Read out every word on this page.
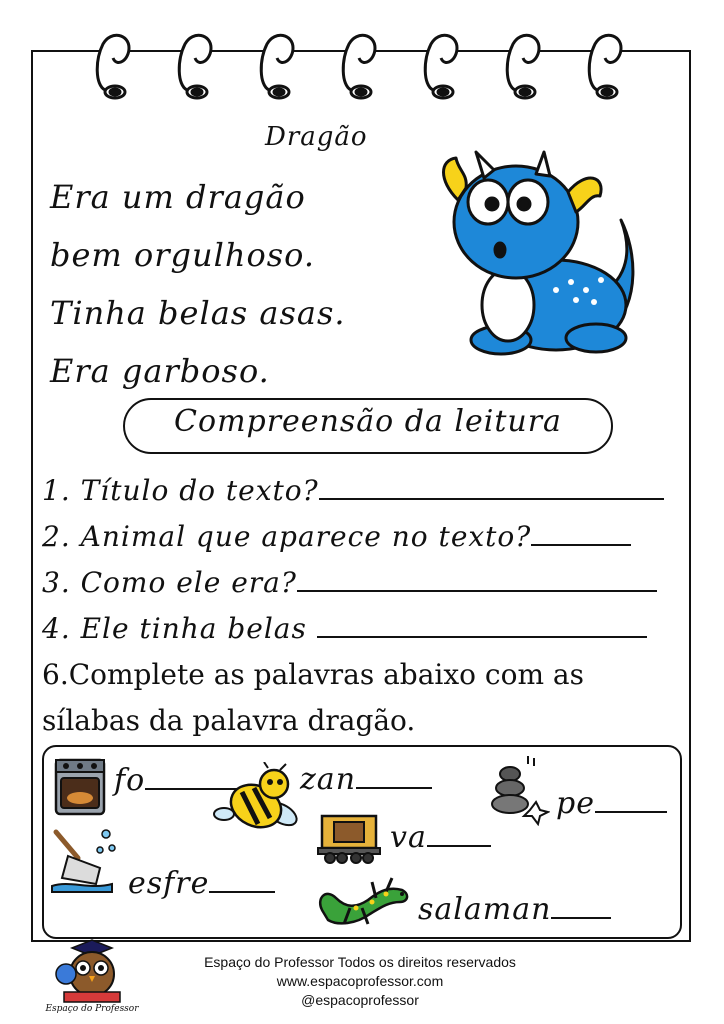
Dragão
Era um dragão
bem orgulhoso.
Tinha belas asas.
Era garboso.
Compreensão da leitura
1. Título do texto?
2. Animal que aparece no texto?
3. Como ele era?
4. Ele tinha belas
6.Complete as palavras abaixo com as
sílabas da palavra dragão.
fo	zan
pe
va
esfre
salaman
Espaço do Professor
Espaço do Professor Todos os direitos reservados
www.espacoprofessor.com
@espacoprofessor
